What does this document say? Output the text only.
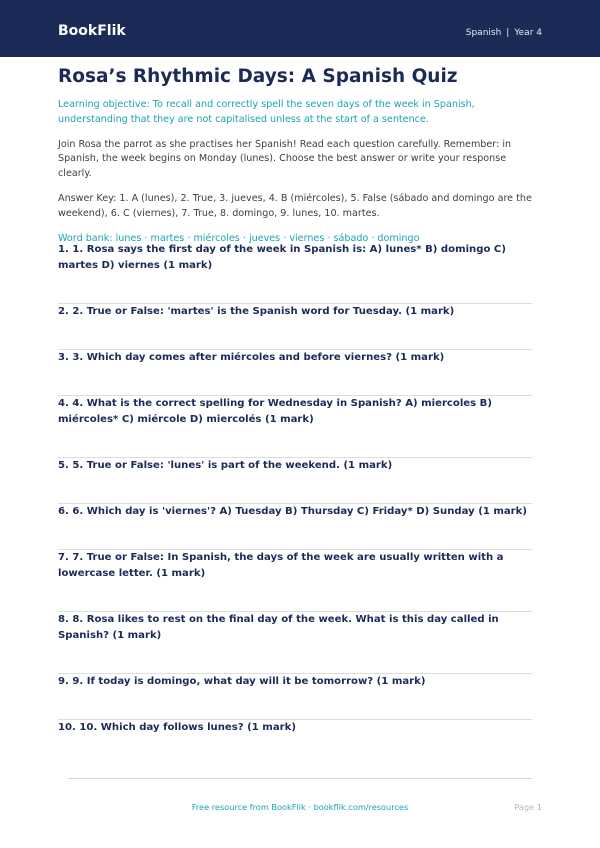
BookFlik	Spanish | Year 4
Rosa’s Rhythmic Days: A Spanish Quiz

Learning objective: To recall and correctly spell the seven days of the week in Spanish, understanding that they are not capitalised unless at the start of a sentence.

Join Rosa the parrot as she practises her Spanish! Read each question carefully. Remember: in Spanish, the week begins on Monday (lunes). Choose the best answer or write your response clearly.

Answer Key: 1. A (lunes), 2. True, 3. jueves, 4. B (miércoles), 5. False (sábado and domingo are the weekend), 6. C (viernes), 7. True, 8. domingo, 9. lunes, 10. martes.

Word bank: lunes · martes · miércoles · jueves · viernes · sábado · domingo

1. 1. Rosa says the first day of the week in Spanish is: A) lunes* B) domingo C) martes D) viernes (1 mark)
2. 2. True or False: 'martes' is the Spanish word for Tuesday. (1 mark)
3. 3. Which day comes after miércoles and before viernes? (1 mark)
4. 4. What is the correct spelling for Wednesday in Spanish? A) miercoles B) miércoles* C) miércole D) miercolés (1 mark)
5. 5. True or False: 'lunes' is part of the weekend. (1 mark)
6. 6. Which day is 'viernes'? A) Tuesday B) Thursday C) Friday* D) Sunday (1 mark)
7. 7. True or False: In Spanish, the days of the week are usually written with a lowercase letter. (1 mark)
8. 8. Rosa likes to rest on the final day of the week. What is this day called in Spanish? (1 mark)
9. 9. If today is domingo, what day will it be tomorrow? (1 mark)
10. 10. Which day follows lunes? (1 mark)
Free resource from BookFlik · bookflik.com/resources	Page 1
